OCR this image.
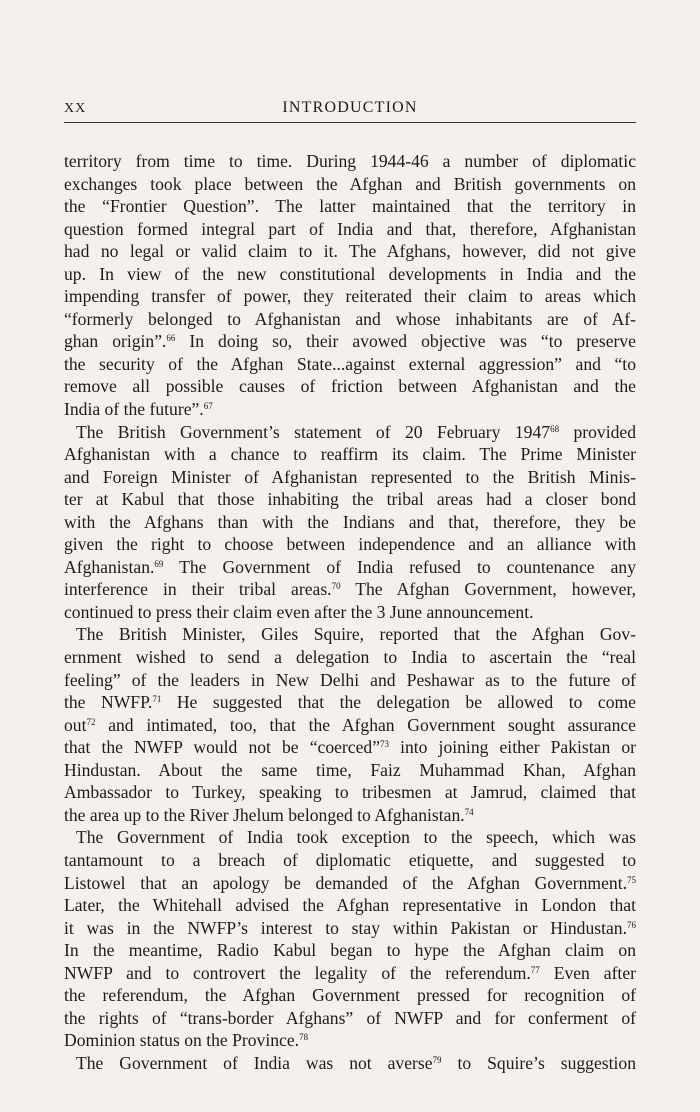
XX	INTRODUCTION
territory from time to time. During 1944-46 a number of diplomatic
exchanges took place between the Afghan and British governments on
the “Frontier Question”. The latter maintained that the territory in
question formed integral part of India and that, therefore, Afghanistan
had no legal or valid claim to it. The Afghans, however, did not give
up. In view of the new constitutional developments in India and the
impending transfer of power, they reiterated their claim to areas which
“formerly belonged to Afghanistan and whose inhabitants are of Af-
ghan origin”.$^{66}$ In doing so, their avowed objective was “to preserve
the security of the Afghan State...against external aggression” and “to
remove all possible causes of friction between Afghanistan and the
India of the future”.$^{67}$
The British Government’s statement of 20 February 1947$^{68}$ provided
Afghanistan with a chance to reaffirm its claim. The Prime Minister
and Foreign Minister of Afghanistan represented to the British Minis-
ter at Kabul that those inhabiting the tribal areas had a closer bond
with the Afghans than with the Indians and that, therefore, they be
given the right to choose between independence and an alliance with
Afghanistan.$^{69}$ The Government of India refused to countenance any
interference in their tribal areas.$^{70}$ The Afghan Government, however,
continued to press their claim even after the 3 June announcement.
The British Minister, Giles Squire, reported that the Afghan Gov-
ernment wished to send a delegation to India to ascertain the “real
feeling” of the leaders in New Delhi and Peshawar as to the future of
the NWFP.$^{71}$ He suggested that the delegation be allowed to come
out$^{72}$ and intimated, too, that the Afghan Government sought assurance
that the NWFP would not be “coerced”$^{73}$ into joining either Pakistan or
Hindustan. About the same time, Faiz Muhammad Khan, Afghan
Ambassador to Turkey, speaking to tribesmen at Jamrud, claimed that
the area up to the River Jhelum belonged to Afghanistan.$^{74}$
The Government of India took exception to the speech, which was
tantamount to a breach of diplomatic etiquette, and suggested to
Listowel that an apology be demanded of the Afghan Government.$^{75}$
Later, the Whitehall advised the Afghan representative in London that
it was in the NWFP’s interest to stay within Pakistan or Hindustan.$^{76}$
In the meantime, Radio Kabul began to hype the Afghan claim on
NWFP and to controvert the legality of the referendum.$^{77}$ Even after
the referendum, the Afghan Government pressed for recognition of
the rights of “trans-border Afghans” of NWFP and for conferment of
Dominion status on the Province.$^{78}$
The Government of India was not averse$^{79}$ to Squire’s suggestion
